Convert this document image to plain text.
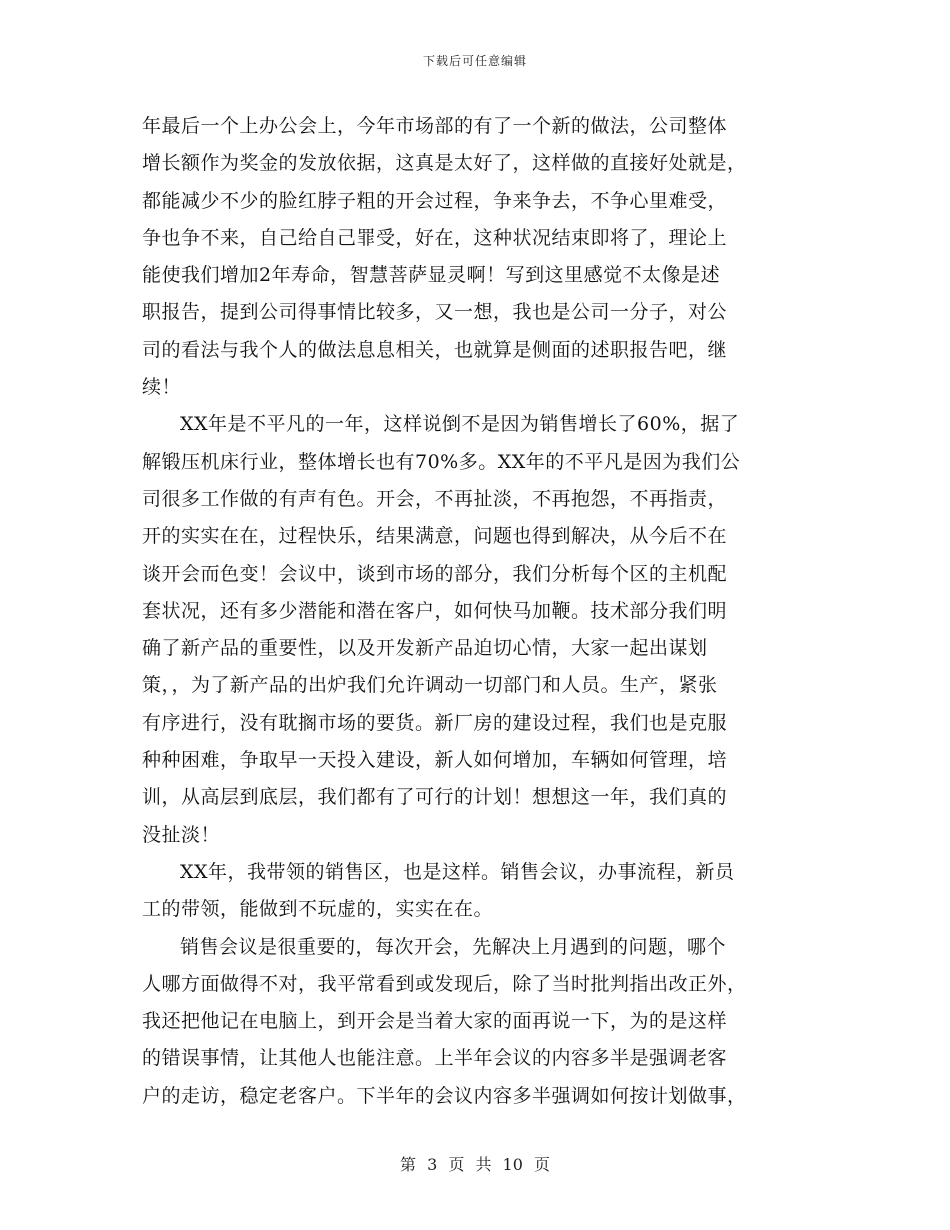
下载后可任意编辑
年最后一个上办公会上，今年市场部的有了一个新的做法，公司整体
增长额作为奖金的发放依据，这真是太好了，这样做的直接好处就是，
都能减少不少的脸红脖子粗的开会过程，争来争去，不争心里难受，
争也争不来，自己给自己罪受，好在，这种状况结束即将了，理论上
能使我们增加2年寿命，智慧菩萨显灵啊！写到这里感觉不太像是述
职报告，提到公司得事情比较多，又一想，我也是公司一分子，对公
司的看法与我个人的做法息息相关，也就算是侧面的述职报告吧，继
续！
XX年是不平凡的一年，这样说倒不是因为销售增长了60%，据了
解锻压机床行业，整体增长也有70%多。XX年的不平凡是因为我们公
司很多工作做的有声有色。开会，不再扯淡，不再抱怨，不再指责，
开的实实在在，过程快乐，结果满意，问题也得到解决，从今后不在
谈开会而色变！会议中，谈到市场的部分，我们分析每个区的主机配
套状况，还有多少潜能和潜在客户，如何快马加鞭。技术部分我们明
确了新产品的重要性，以及开发新产品迫切心情，大家一起出谋划
策，，为了新产品的出炉我们允许调动一切部门和人员。生产，紧张
有序进行，没有耽搁市场的要货。新厂房的建设过程，我们也是克服
种种困难，争取早一天投入建设，新人如何增加，车辆如何管理，培
训，从高层到底层，我们都有了可行的计划！想想这一年，我们真的
没扯淡！
XX年，我带领的销售区，也是这样。销售会议，办事流程，新员
工的带领，能做到不玩虚的，实实在在。
销售会议是很重要的，每次开会，先解决上月遇到的问题，哪个
人哪方面做得不对，我平常看到或发现后，除了当时批判指出改正外，
我还把他记在电脑上，到开会是当着大家的面再说一下，为的是这样
的错误事情，让其他人也能注意。上半年会议的内容多半是强调老客
户的走访，稳定老客户。下半年的会议内容多半强调如何按计划做事，
第 3 页 共 10 页
